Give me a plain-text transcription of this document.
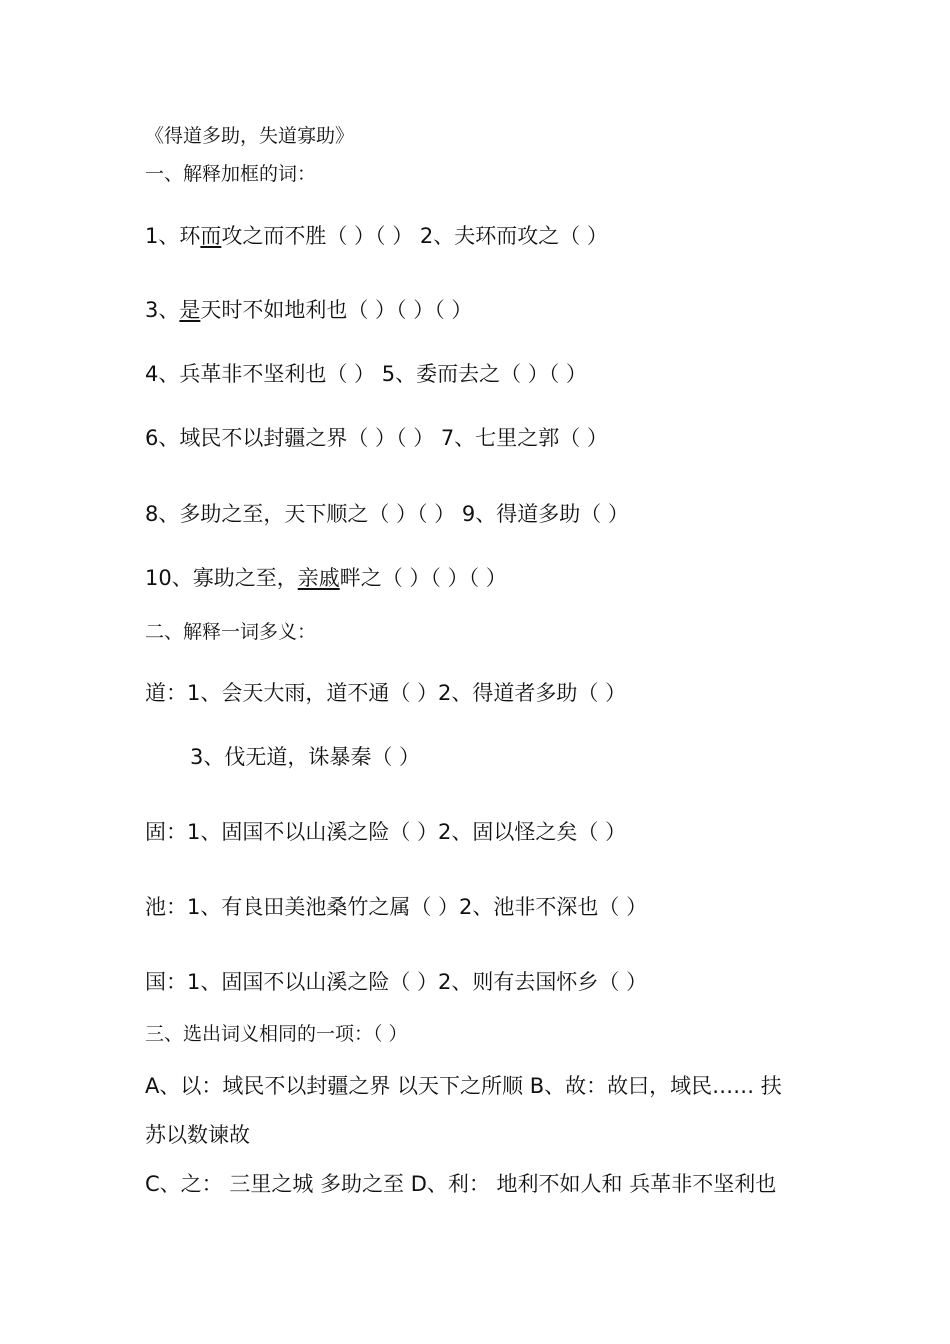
《得道多助，失道寡助》
一、解释加框的词：
1、环而攻之而不胜（ ）（ ） 2、夫环而攻之（ ）
3、是天时不如地利也（ ）（ ）（ ）
4、兵革非不坚利也（ ） 5、委而去之（ ）（ ）
6、域民不以封疆之界（ ）（ ） 7、七里之郭（ ）
8、多助之至，天下顺之（ ）（ ） 9、得道多助（ ）
10、寡助之至，亲戚畔之（ ）（ ）（ ）
二、解释一词多义：
道：1、会天大雨，道不通（ ）2、得道者多助（ ）
3、伐无道，诛暴秦（ ）
固：1、固国不以山溪之险（ ）2、固以怪之矣（ ）
池：1、有良田美池桑竹之属（ ）2、池非不深也（ ）
国：1、固国不以山溪之险（ ）2、则有去国怀乡（ ）
三、选出词义相同的一项：（ ）
A、以：域民不以封疆之界 以天下之所顺 B、故：故曰，域民…… 扶
苏以数谏故
C、之： 三里之城 多助之至 D、利： 地利不如人和 兵革非不坚利也
